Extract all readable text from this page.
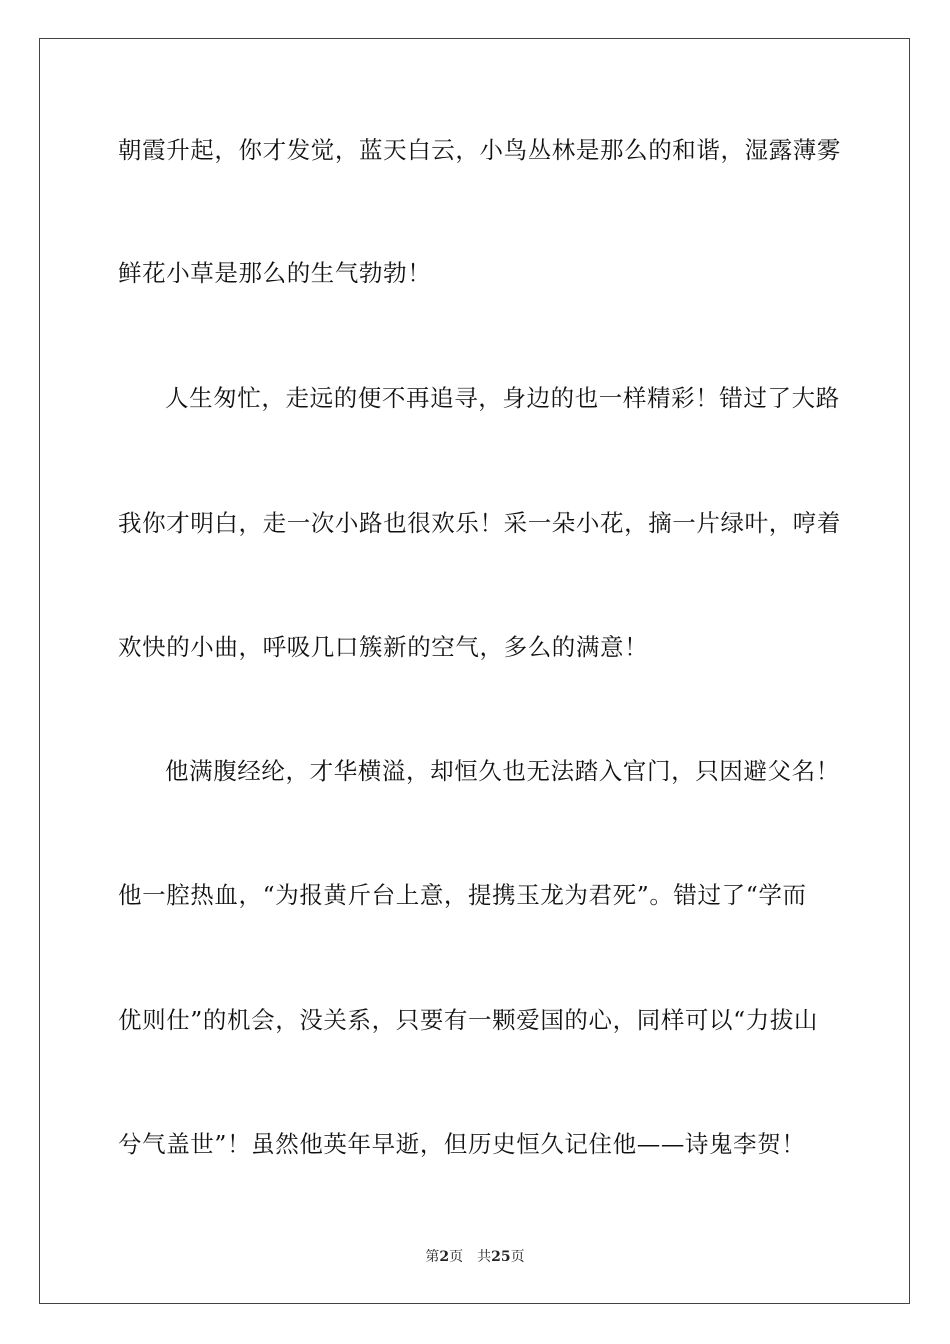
朝霞升起，你才发觉，蓝天白云，小鸟丛林是那么的和谐，湿露薄雾
鲜花小草是那么的生气勃勃！
人生匆忙，走远的便不再追寻，身边的也一样精彩！错过了大路
我你才明白，走一次小路也很欢乐！采一朵小花，摘一片绿叶，哼着
欢快的小曲，呼吸几口簇新的空气，多么的满意！
他满腹经纶，才华横溢，却恒久也无法踏入官门，只因避父名！
他一腔热血，“为报黄斤台上意，提携玉龙为君死”。错过了“学而
优则仕”的机会，没关系，只要有一颗爱国的心，同样可以“力拔山
兮气盖世”！虽然他英年早逝，但历史恒久记住他——诗鬼李贺！
第2页 共25页
